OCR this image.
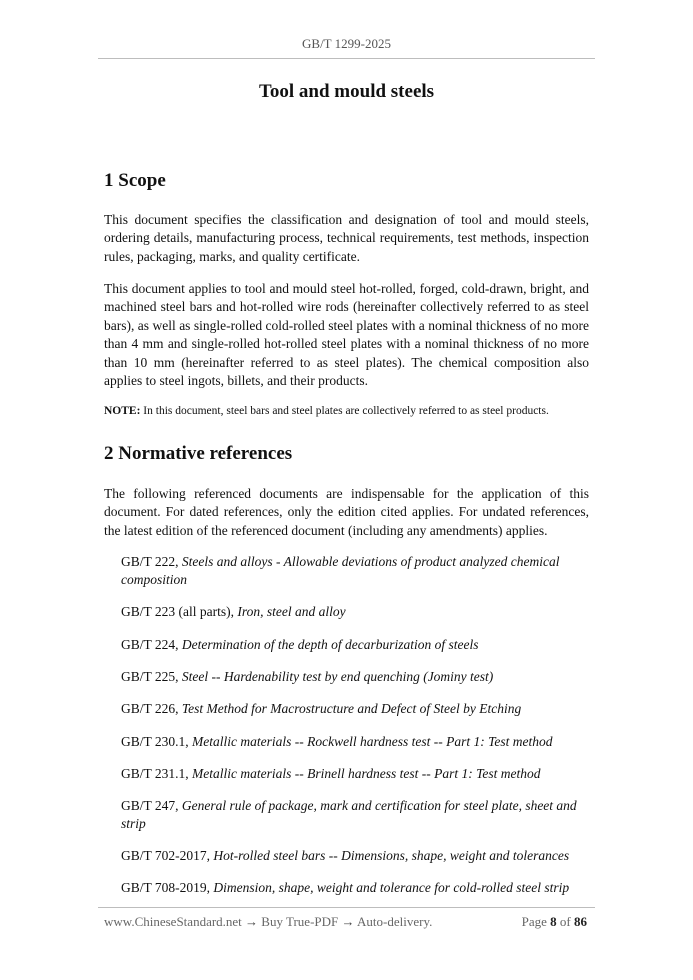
GB/T 1299-2025
Tool and mould steels
1 Scope

This document specifies the classification and designation of tool and mould steels, ordering details, manufacturing process, technical requirements, test methods, inspection rules, packaging, marks, and quality certificate.

This document applies to tool and mould steel hot-rolled, forged, cold-drawn, bright, and machined steel bars and hot-rolled wire rods (hereinafter collectively referred to as steel bars), as well as single-rolled cold-rolled steel plates with a nominal thickness of no more than 4 mm and single-rolled hot-rolled steel plates with a nominal thickness of no more than 10 mm (hereinafter referred to as steel plates). The chemical composition also applies to steel ingots, billets, and their products.

NOTE: In this document, steel bars and steel plates are collectively referred to as steel products.

2 Normative references

The following referenced documents are indispensable for the application of this document. For dated references, only the edition cited applies. For undated references, the latest edition of the referenced document (including any amendments) applies.

GB/T 222, Steels and alloys - Allowable deviations of product analyzed chemical composition
GB/T 223 (all parts), Iron, steel and alloy
GB/T 224, Determination of the depth of decarburization of steels
GB/T 225, Steel -- Hardenability test by end quenching (Jominy test)
GB/T 226, Test Method for Macrostructure and Defect of Steel by Etching
GB/T 230.1, Metallic materials -- Rockwell hardness test -- Part 1: Test method
GB/T 231.1, Metallic materials -- Brinell hardness test -- Part 1: Test method
GB/T 247, General rule of package, mark and certification for steel plate, sheet and strip
GB/T 702-2017, Hot-rolled steel bars -- Dimensions, shape, weight and tolerances
GB/T 708-2019, Dimension, shape, weight and tolerance for cold-rolled steel strip
www.ChineseStandard.net → Buy True-PDF → Auto-delivery.	Page 8 of 86
